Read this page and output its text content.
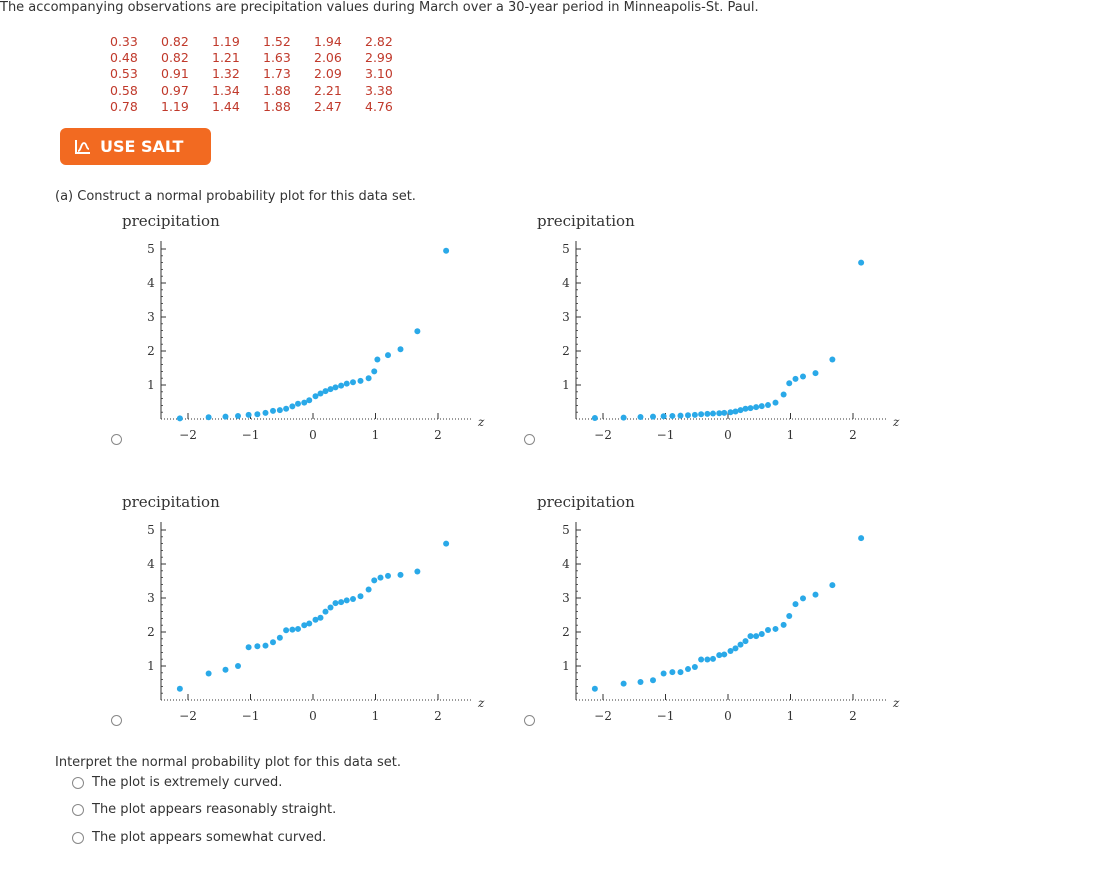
The accompanying observations are precipitation values during March over a 30-year period in Minneapolis-St. Paul.
0.33	0.82	1.19	1.52	1.94	2.82
0.48	0.82	1.21	1.63	2.06	2.99
0.53	0.91	1.32	1.73	2.09	3.10
0.58	0.97	1.34	1.88	2.21	3.38
0.78	1.19	1.44	1.88	2.47	4.76
USE SALT
(a) Construct a normal probability plot for this data set.
precipitation
1
2
3
4
5
−2	−1	0	1	2
z
precipitation
1
2
3
4
5
−2	−1	0	1	2
z
precipitation
1
2
3
4
5
−2	−1	0	1	2
z
precipitation
1
2
3
4
5
−2	−1	0	1	2
z
Interpret the normal probability plot for this data set.
The plot is extremely curved.
The plot appears reasonably straight.
The plot appears somewhat curved.
